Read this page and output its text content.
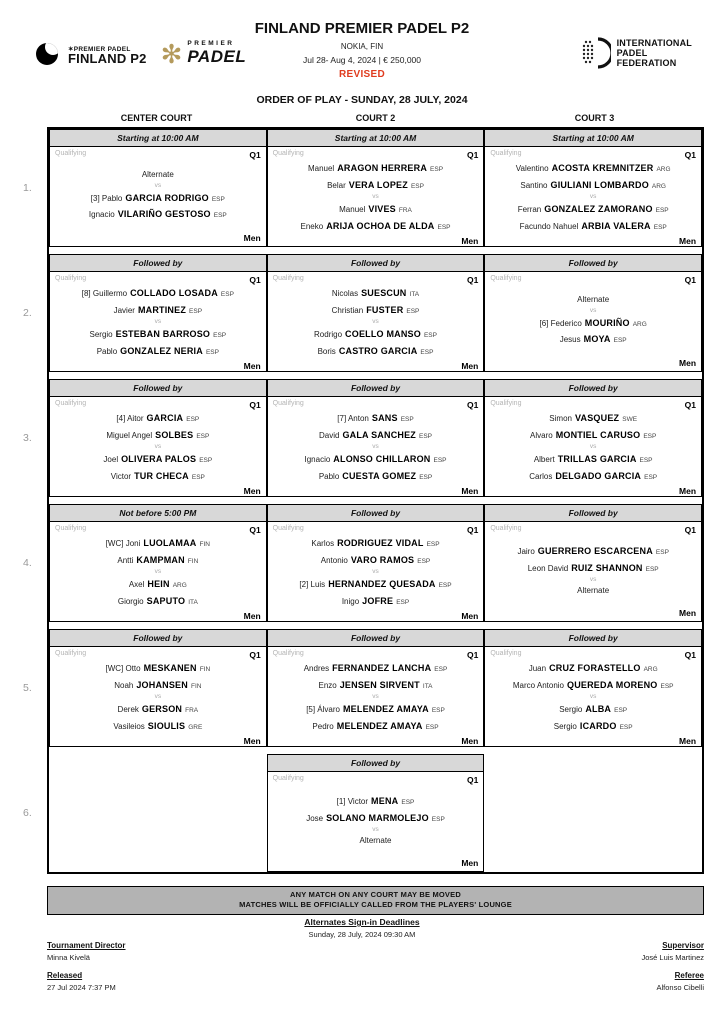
✶PREMIER PADEL
FINLAND P2 ✻ PREMIER
PADEL
FINLAND PREMIER PADEL P2
NOKIA, FIN
Jul 28- Aug 4, 2024 | € 250,000
REVISED
INTERNATIONAL
PADEL
FEDERATION
ORDER OF PLAY - SUNDAY, 28 JULY, 2024
CENTER COURT	COURT 2	COURT 3
1.
Starting at 10:00 AM
Qualifying	Q1
Alternate
vs
[3] Pablo GARCIA RODRIGO ESP
Ignacio VILARIÑO GESTOSO ESP
Men
Starting at 10:00 AM
Qualifying	Q1
Manuel ARAGON HERRERA ESP
Belar VERA LOPEZ ESP
vs
Manuel VIVES FRA
Eneko ARIJA OCHOA DE ALDA ESP
Men
Starting at 10:00 AM
Qualifying	Q1
Valentino ACOSTA KREMNITZER ARG
Santino GIULIANI LOMBARDO ARG
vs
Ferran GONZALEZ ZAMORANO ESP
Facundo Nahuel ARBIA VALERA ESP
Men
2.
Followed by
Qualifying	Q1
[8] Guillermo COLLADO LOSADA ESP
Javier MARTINEZ ESP
vs
Sergio ESTEBAN BARROSO ESP
Pablo GONZALEZ NERIA ESP
Men
Followed by
Qualifying	Q1
Nicolas SUESCUN ITA
Christian FUSTER ESP
vs
Rodrigo COELLO MANSO ESP
Boris CASTRO GARCIA ESP
Men
Followed by
Qualifying	Q1
Alternate
vs
[6] Federico MOURIÑO ARG
Jesus MOYA ESP
Men
3.
Followed by
Qualifying	Q1
[4] Aitor GARCIA ESP
Miguel Angel SOLBES ESP
vs
Joel OLIVERA PALOS ESP
Victor TUR CHECA ESP
Men
Followed by
Qualifying	Q1
[7] Anton SANS ESP
David GALA SANCHEZ ESP
vs
Ignacio ALONSO CHILLARON ESP
Pablo CUESTA GOMEZ ESP
Men
Followed by
Qualifying	Q1
Simon VASQUEZ SWE
Alvaro MONTIEL CARUSO ESP
vs
Albert TRILLAS GARCIA ESP
Carlos DELGADO GARCIA ESP
Men
4.
Not before 5:00 PM
Qualifying	Q1
[WC] Joni LUOLAMAA FIN
Antti KAMPMAN FIN
vs
Axel HEIN ARG
Giorgio SAPUTO ITA
Men
Followed by
Qualifying	Q1
Karlos RODRIGUEZ VIDAL ESP
Antonio VARO RAMOS ESP
vs
[2] Luis HERNANDEZ QUESADA ESP
Inigo JOFRE ESP
Men
Followed by
Qualifying	Q1
Jairo GUERRERO ESCARCENA ESP
Leon David RUIZ SHANNON ESP
vs
Alternate
Men
5.
Followed by
Qualifying	Q1
[WC] Otto MESKANEN FIN
Noah JOHANSEN FIN
vs
Derek GERSON FRA
Vasileios SIOULIS GRE
Men
Followed by
Qualifying	Q1
Andres FERNANDEZ LANCHA ESP
Enzo JENSEN SIRVENT ITA
vs
[5] Álvaro MELENDEZ AMAYA ESP
Pedro MELENDEZ AMAYA ESP
Men
Followed by
Qualifying	Q1
Juan CRUZ FORASTELLO ARG
Marco Antonio QUEREDA MORENO ESP
vs
Sergio ALBA ESP
Sergio ICARDO ESP
Men
6.
Followed by
Qualifying	Q1
[1] Victor MENA ESP
Jose SOLANO MARMOLEJO ESP
vs
Alternate
Men
ANY MATCH ON ANY COURT MAY BE MOVED
MATCHES WILL BE OFFICIALLY CALLED FROM THE PLAYERS' LOUNGE
Alternates Sign-in Deadlines
Sunday, 28 July, 2024 09:30 AM
Tournament Director
Minna Kivelä
Released
27 Jul 2024 7:37 PM
Supervisor
José Luis Martinez
Referee
Alfonso Cibelli
